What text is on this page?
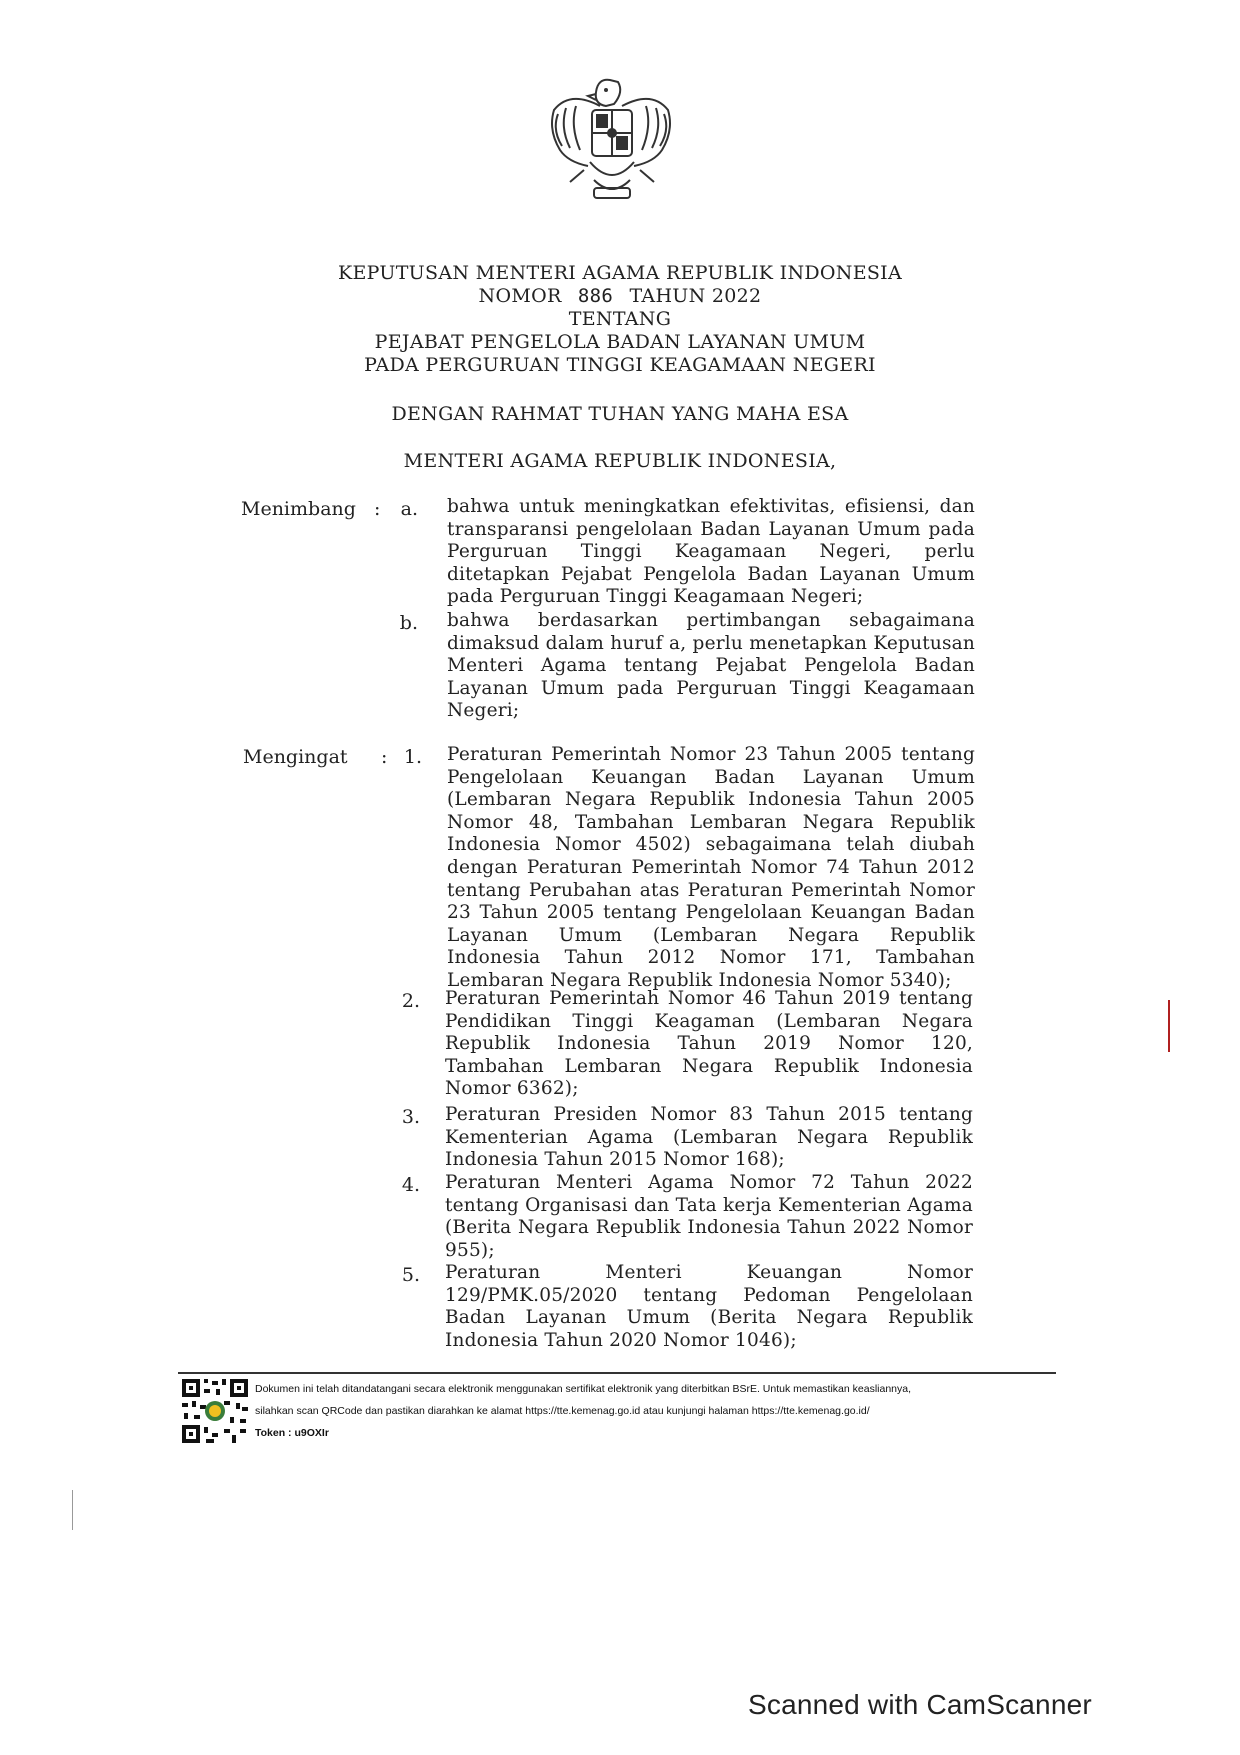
KEPUTUSAN MENTERI AGAMA REPUBLIK INDONESIA
NOMOR 886 TAHUN 2022
TENTANG
PEJABAT PENGELOLA BADAN LAYANAN UMUM
PADA PERGURUAN TINGGI KEAGAMAAN NEGERI
DENGAN RAHMAT TUHAN YANG MAHA ESA
MENTERI AGAMA REPUBLIK INDONESIA,
Menimbang :	a. bahwa untuk meningkatkan efektivitas, efisiensi, dan transparansi pengelolaan Badan Layanan Umum pada Perguruan Tinggi Keagamaan Negeri, perlu ditetapkan Pejabat Pengelola Badan Layanan Umum pada Perguruan Tinggi Keagamaan Negeri;
b. bahwa berdasarkan pertimbangan sebagaimana dimaksud dalam huruf a, perlu menetapkan Keputusan Menteri Agama tentang Pejabat Pengelola Badan Layanan Umum pada Perguruan Tinggi Keagamaan Negeri;
Mengingat : 1. Peraturan Pemerintah Nomor 23 Tahun 2005 tentang Pengelolaan Keuangan Badan Layanan Umum (Lembaran Negara Republik Indonesia Tahun 2005 Nomor 48, Tambahan Lembaran Negara Republik Indonesia Nomor 4502) sebagaimana telah diubah dengan Peraturan Pemerintah Nomor 74 Tahun 2012 tentang Perubahan atas Peraturan Pemerintah Nomor 23 Tahun 2005 tentang Pengelolaan Keuangan Badan Layanan Umum (Lembaran Negara Republik Indonesia Tahun 2012 Nomor 171, Tambahan Lembaran Negara Republik Indonesia Nomor 5340);
2. Peraturan Pemerintah Nomor 46 Tahun 2019 tentang Pendidikan Tinggi Keagaman (Lembaran Negara Republik Indonesia Tahun 2019 Nomor 120, Tambahan Lembaran Negara Republik Indonesia Nomor 6362);
3. Peraturan Presiden Nomor 83 Tahun 2015 tentang Kementerian Agama (Lembaran Negara Republik Indonesia Tahun 2015 Nomor 168);
4. Peraturan Menteri Agama Nomor 72 Tahun 2022 tentang Organisasi dan Tata kerja Kementerian Agama (Berita Negara Republik Indonesia Tahun 2022 Nomor 955);
5. Peraturan Menteri Keuangan Nomor 129/PMK.05/2020 tentang Pedoman Pengelolaan Badan Layanan Umum (Berita Negara Republik Indonesia Tahun 2020 Nomor 1046);
Dokumen ini telah ditandatangani secara elektronik menggunakan sertifikat elektronik yang diterbitkan BSrE. Untuk memastikan keasliannya,
silahkan scan QRCode dan pastikan diarahkan ke alamat https://tte.kemenag.go.id atau kunjungi halaman https://tte.kemenag.go.id/
Token : u9OXIr
Scanned with CamScanner
